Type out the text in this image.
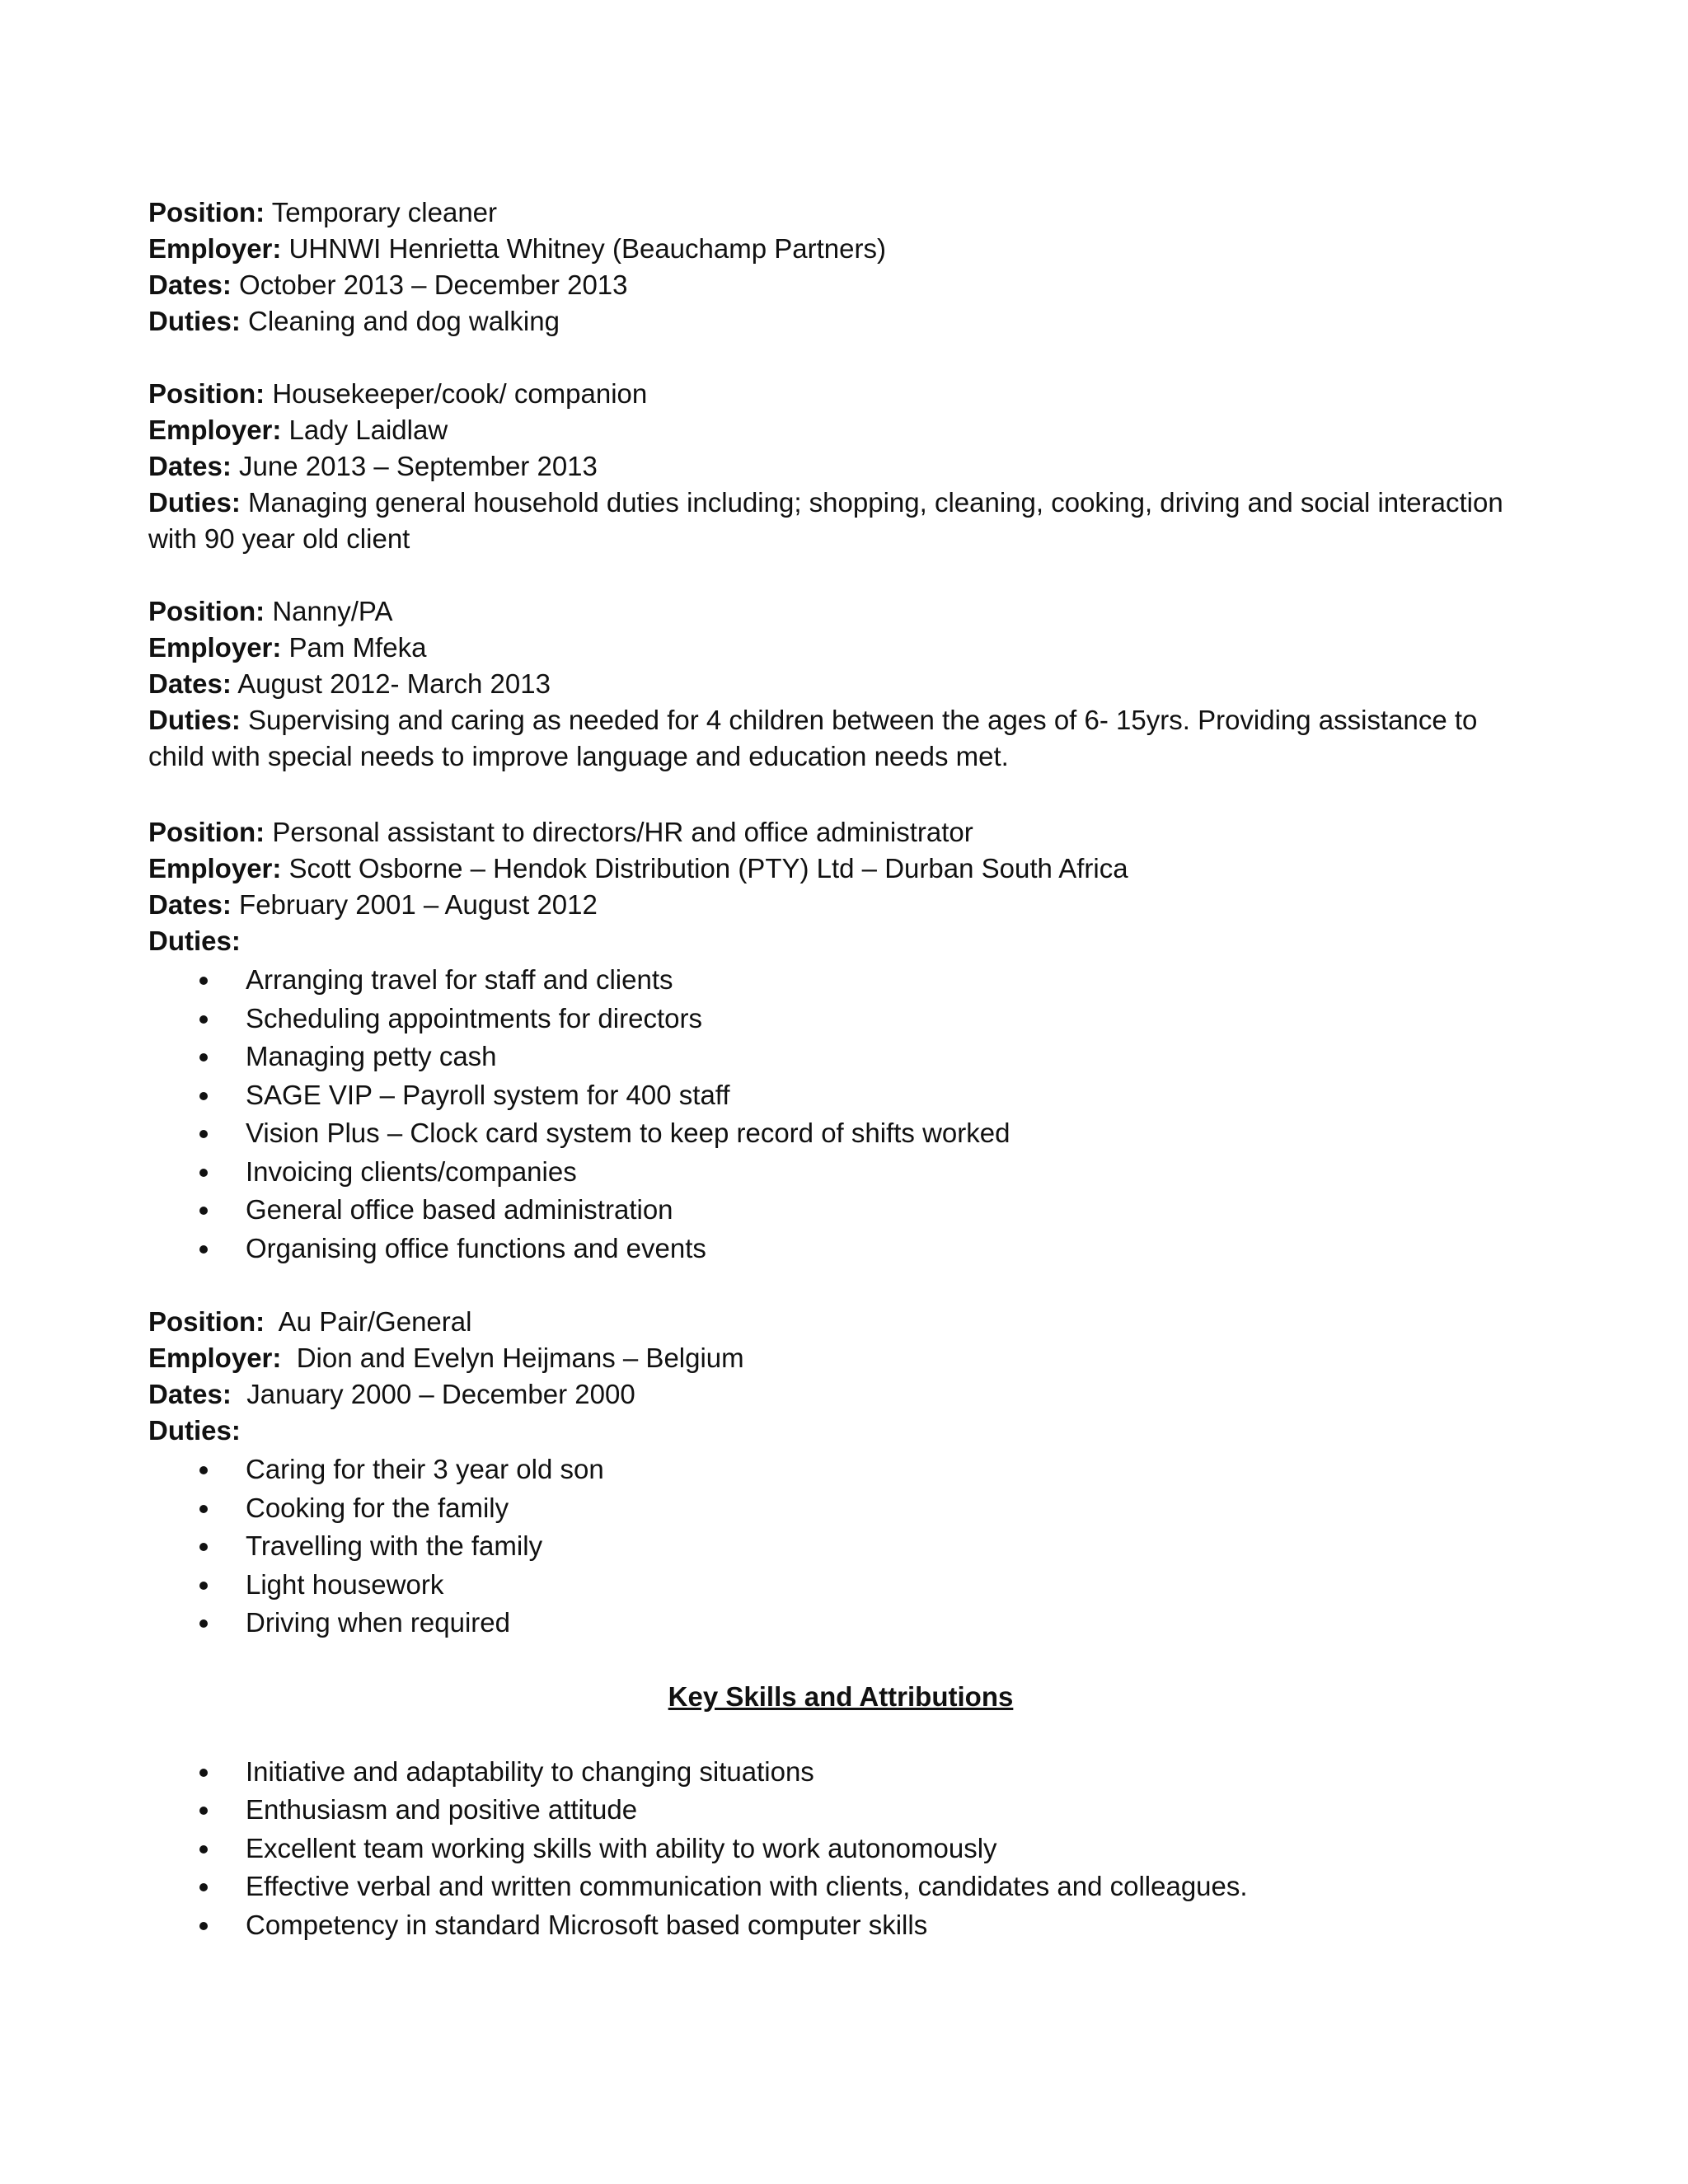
Position: Temporary cleaner
Employer: UHNWI Henrietta Whitney (Beauchamp Partners)
Dates: October 2013 – December 2013
Duties: Cleaning and dog walking
Position: Housekeeper/cook/ companion
Employer: Lady Laidlaw
Dates: June 2013 – September 2013
Duties: Managing general household duties including; shopping, cleaning, cooking, driving and social interaction with 90 year old client
Position: Nanny/PA
Employer: Pam Mfeka
Dates: August 2012- March 2013
Duties: Supervising and caring as needed for 4 children between the ages of 6- 15yrs. Providing assistance to child with special needs to improve language and education needs met.
Position: Personal assistant to directors/HR and office administrator
Employer: Scott Osborne – Hendok Distribution (PTY) Ltd – Durban South Africa
Dates: February 2001 – August 2012
Duties:
Arranging travel for staff and clients
Scheduling appointments for directors
Managing petty cash
SAGE VIP – Payroll system for 400 staff
Vision Plus – Clock card system to keep record of shifts worked
Invoicing clients/companies
General office based administration
Organising office functions and events
Position:  Au Pair/General
Employer:  Dion and Evelyn Heijmans – Belgium
Dates:  January 2000 – December 2000
Duties:
Caring for their 3 year old son
Cooking for the family
Travelling with the family
Light housework
Driving when required
Key Skills and Attributions
Initiative and adaptability to changing situations
Enthusiasm and positive attitude
Excellent team working skills with ability to work autonomously
Effective verbal and written communication with clients, candidates and colleagues.
Competency in standard Microsoft based computer skills
